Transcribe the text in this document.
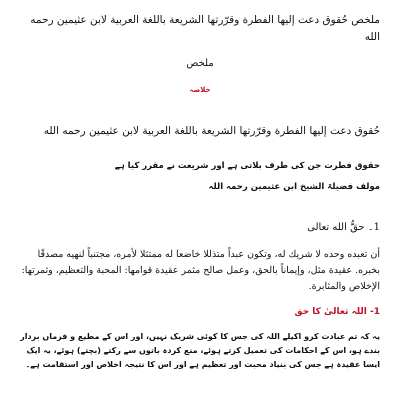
ملخص حُقوق دعت إليها الفطرة وقرّرتها الشريعة باللغة العربية لابن عثيمين رحمه الله
ملخص
خلاصہ
حُقوق دعت إليها الفطرة وقرّرتها الشريعة باللغة العربية لابن عثيمين رحمه الله
حقوق فطرت جن کی طرف بلاتی ہے اور شریعت نے مقرر کیا ہے
مولف فضیلۃ الشیخ ابن عثیمین رحمہ اللہ
1۔ حقُّ الله تعالى
أن تعبده وحده لا شريك له، وتكون عبداً متذللا خاضعا له ممتثلا لأمره، مجتنباً لنهيه مصدقًا بخبره. عقيدة مثل، وإيماناً بالحق، وعمل صالح مثمر عقيدة قوامها: المحبة والتعظيم، وثمرتها: الإخلاص والمثابرة.
1- اللہ تعالیٰ کا حق
یہ کہ تم عبادت کرو اکیلے اللہ کی جس کا کوئی شریک نہیں، اور اس کے مطیع و فرماں بردار بندے ہو، اس کے احکامات کی تعمیل کرتے ہوئے، منع کردہ باتوں سے رکتے (بچتے) ہوئے، یہ ایک ایسا عقیدہ ہے جس کی بنیاد محبت اور تعظیم ہے اور اس کا نتیجہ اخلاص اور استقامت ہے۔
